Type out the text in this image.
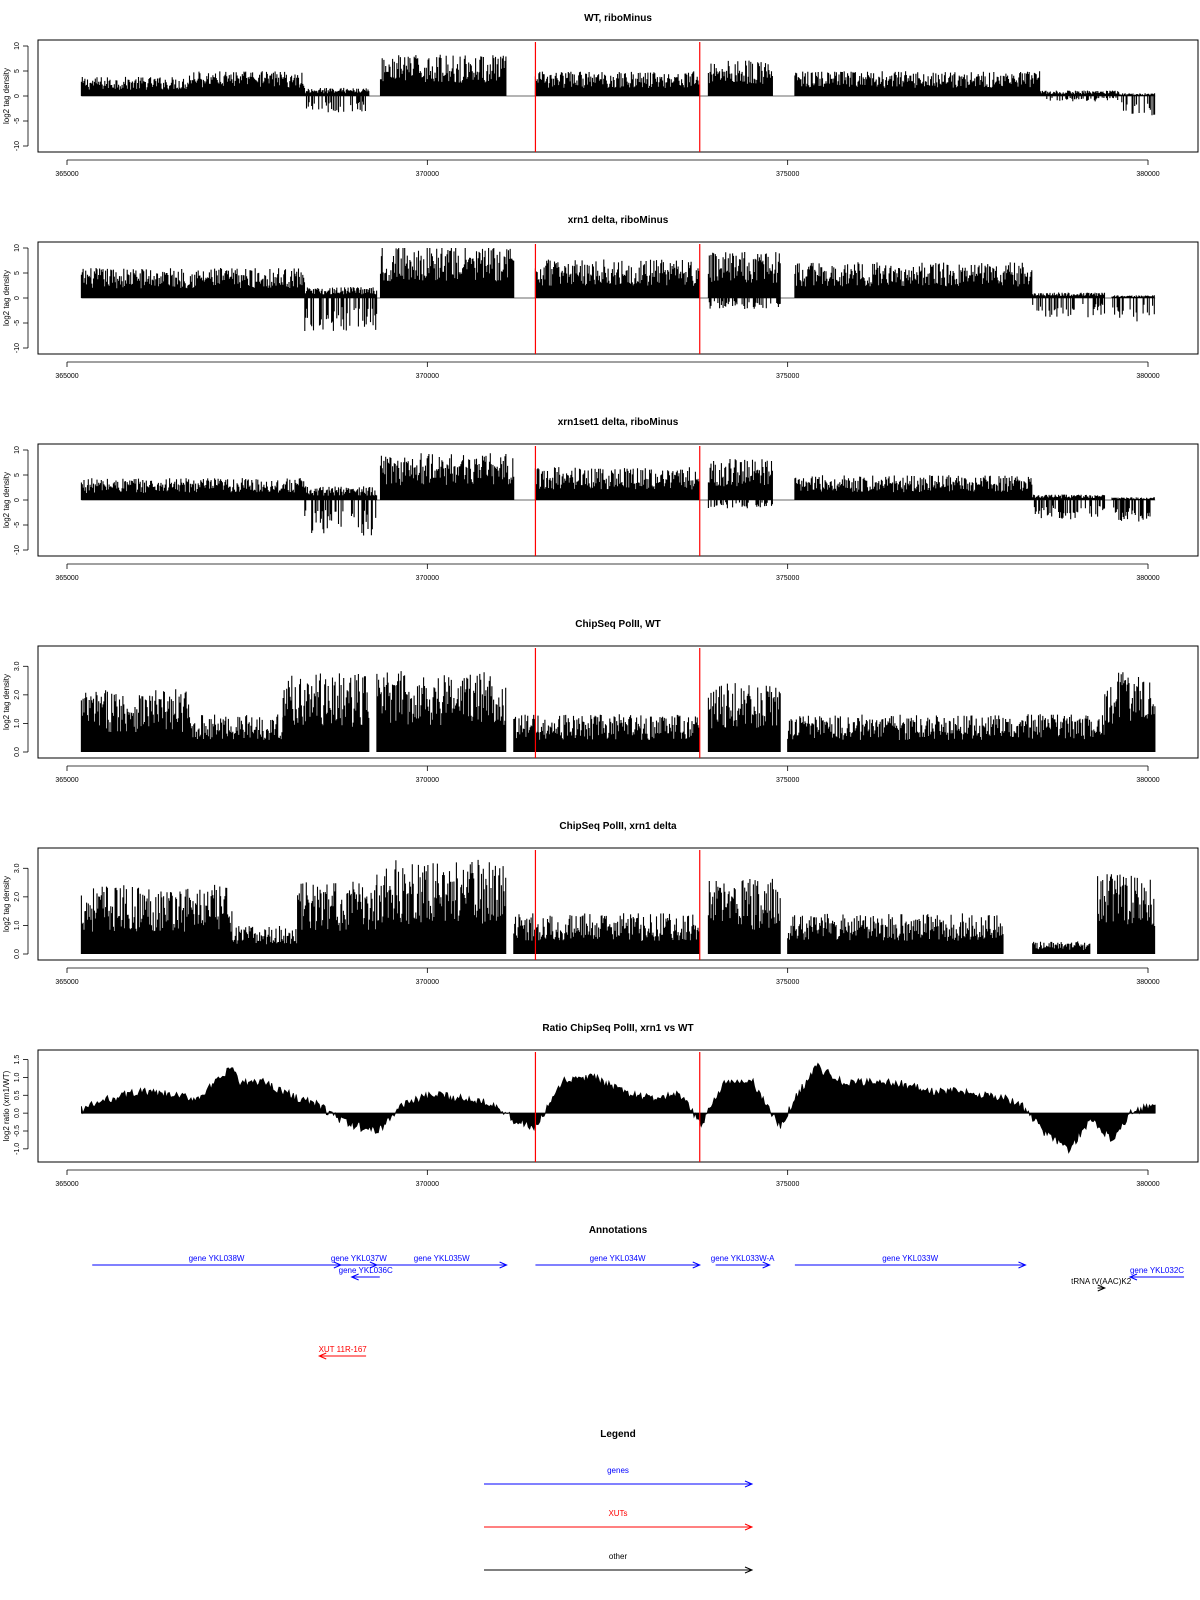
WT, riboMinus
-10
-5
0
5
10
log2 tag density
365000	370000	375000	380000
xrn1 delta, riboMinus
-10
-5
0
5
10
log2 tag density
365000	370000	375000	380000
xrn1set1 delta, riboMinus
-10
-5
0
5
10
log2 tag density
365000	370000	375000	380000
ChipSeq PolII, WT
0.0
1.0
2.0
3.0
log2 tag density
365000	370000	375000	380000
ChipSeq PolII, xrn1 delta
0.0
1.0
2.0
3.0
log2 tag density
365000	370000	375000	380000
Ratio ChipSeq PolII, xrn1 vs WT
-1.0
-0.5
0.0
0.5
1.0
1.5
log2 ratio (xrn1/WT)
365000	370000	375000	380000
Annotations
gene YKL038W	gene YKL037W
gene YKL036C
gene YKL035W	gene YKL034W	gene YKL033W-A	gene YKL033W
tRNA tV(AAC)K2
gene YKL032C
XUT 11R-167
Legend
genes
XUTs
other
